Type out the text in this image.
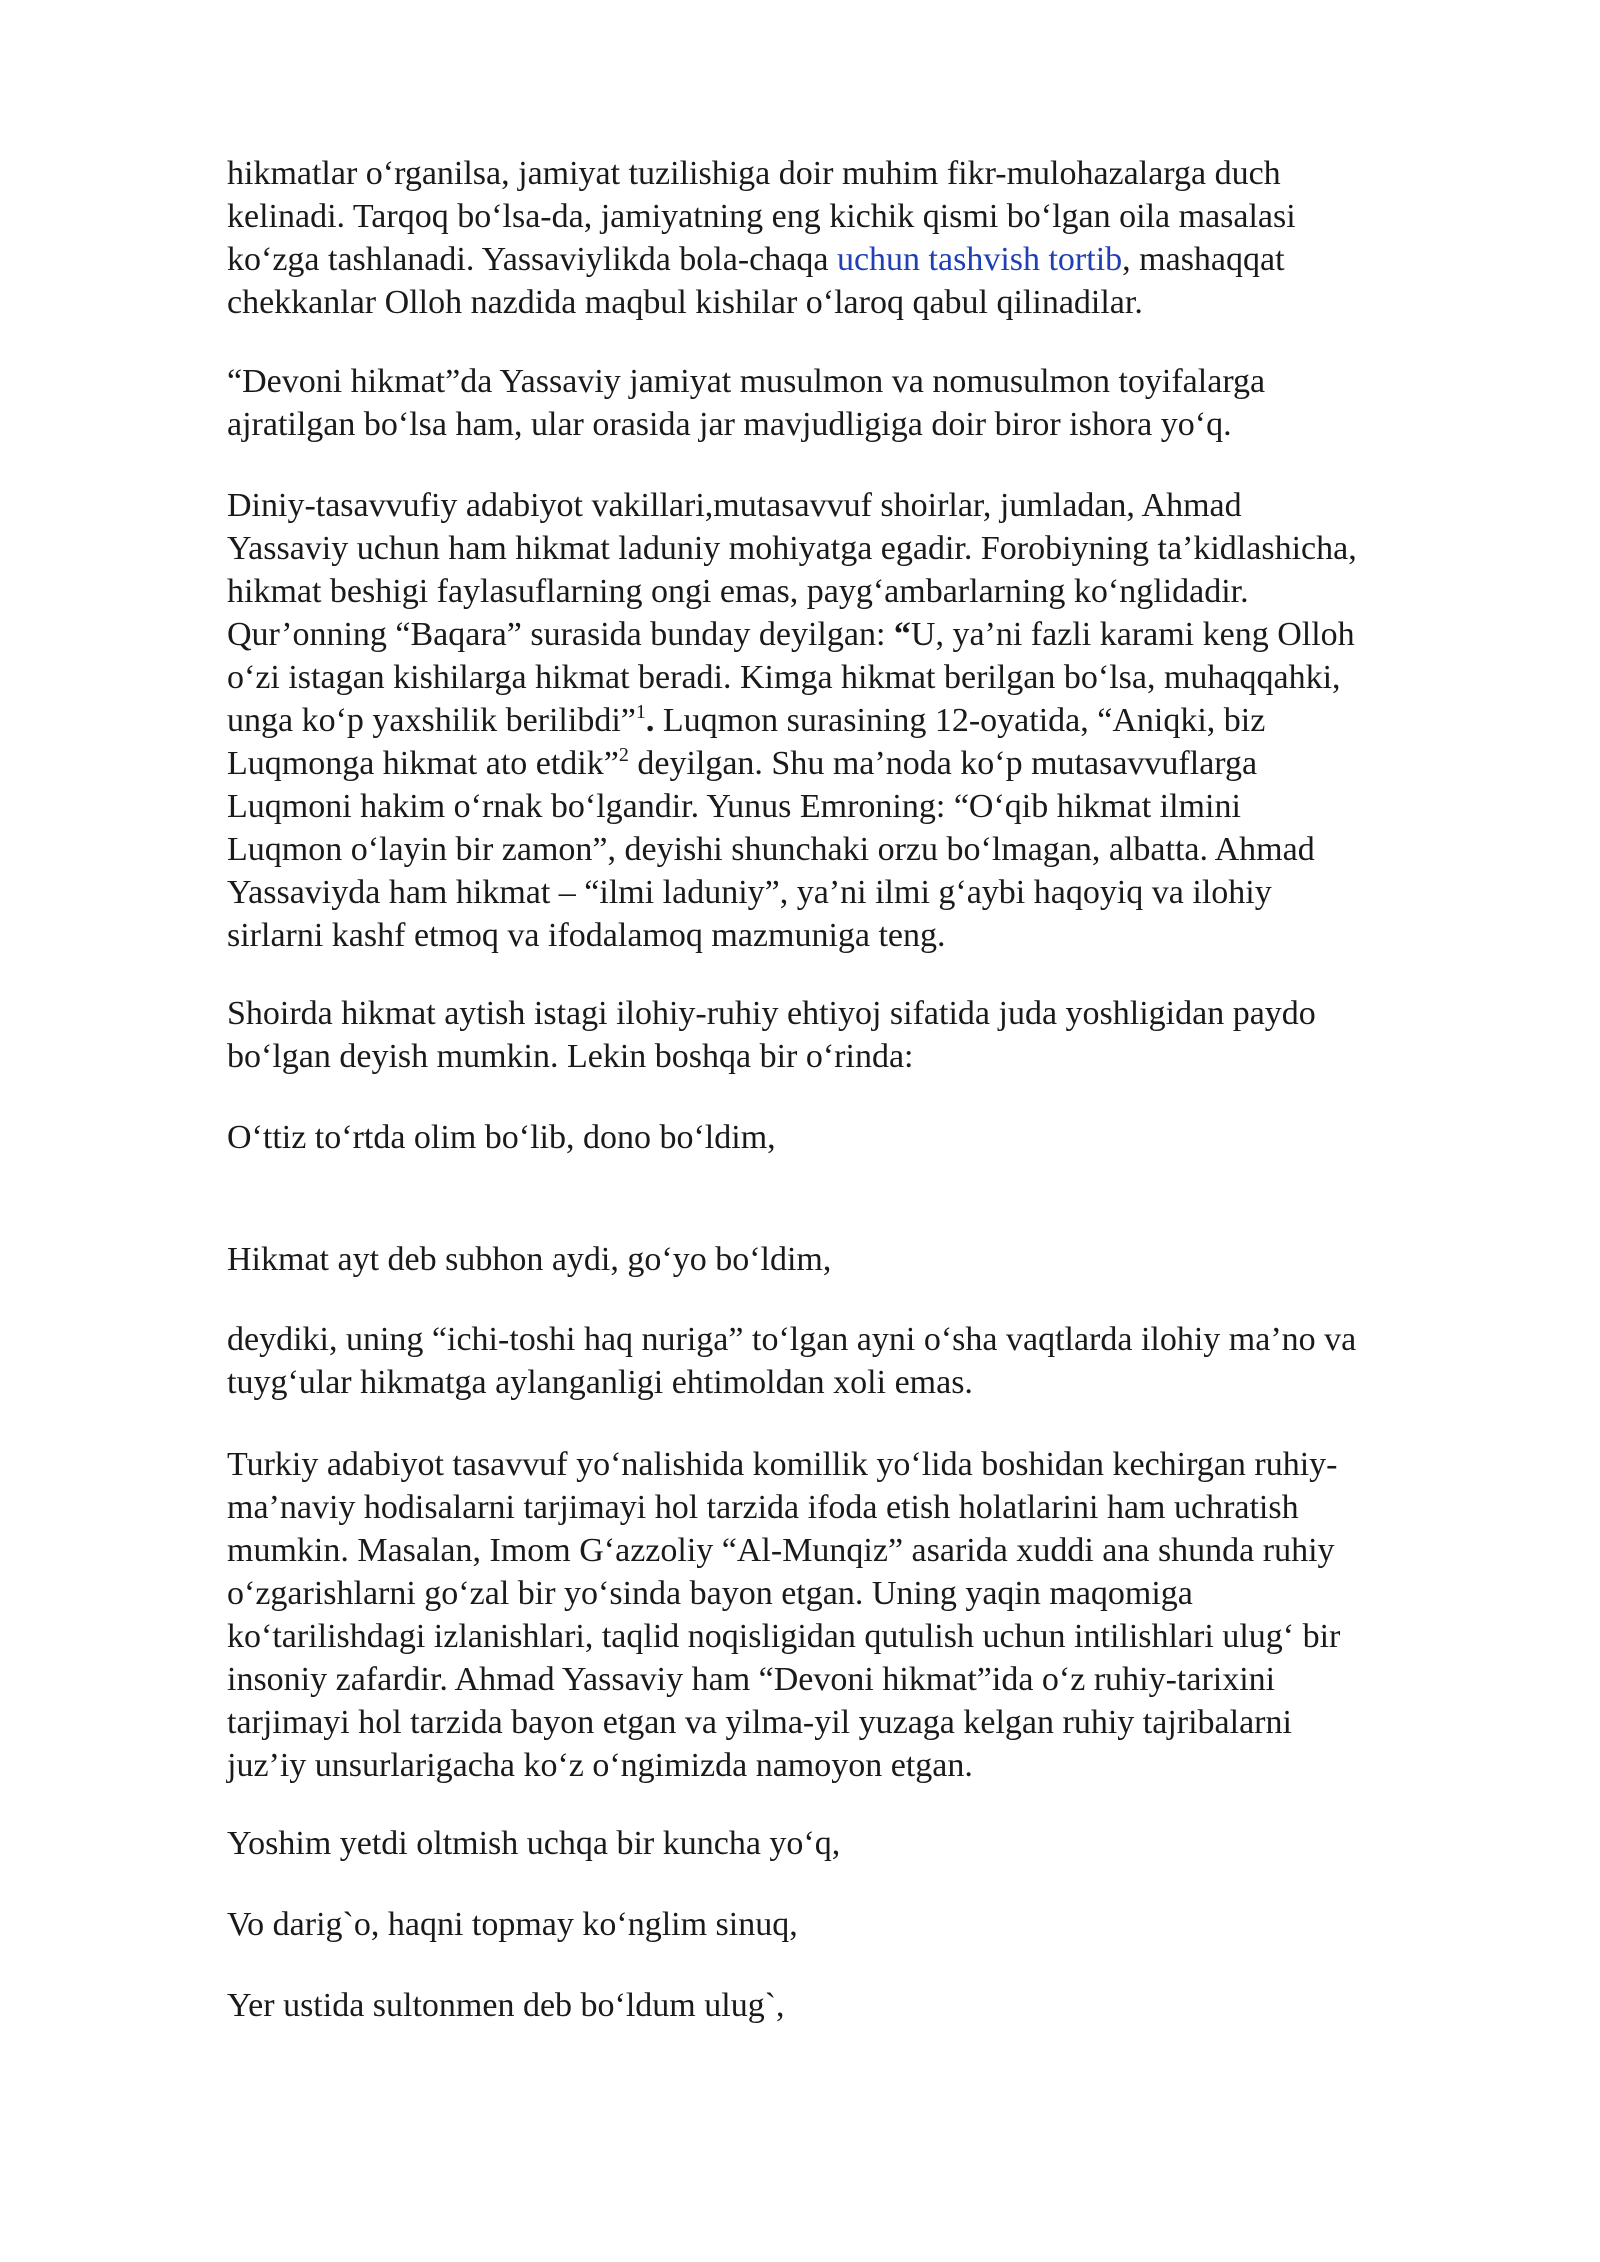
hikmatlar o‘rganilsa, jamiyat tuzilishiga doir muhim fikr-mulohazalarga duch
kelinadi. Tarqoq bo‘lsa-da, jamiyatning eng kichik qismi bo‘lgan oila masalasi
ko‘zga tashlanadi. Yassaviylikda bola-chaqa uchun tashvish tortib, mashaqqat
chekkanlar Olloh nazdida maqbul kishilar o‘laroq qabul qilinadilar.
“Devoni hikmat”da Yassaviy jamiyat musulmon va nomusulmon toyifalarga
ajratilgan bo‘lsa ham, ular orasida jar mavjudligiga doir biror ishora yo‘q.
Diniy-tasavvufiy adabiyot vakillari,mutasavvuf shoirlar, jumladan, Ahmad
Yassaviy uchun ham hikmat laduniy mohiyatga egadir. Forobiyning ta’kidlashicha,
hikmat beshigi faylasuflarning ongi emas, payg‘ambarlarning ko‘nglidadir.
Qur’onning “Baqara” surasida bunday deyilgan: “U, ya’ni fazli karami keng Olloh
o‘zi istagan kishilarga hikmat beradi. Kimga hikmat berilgan bo‘lsa, muhaqqahki,
unga ko‘p yaxshilik berilibdi”$^1$. Luqmon surasining 12-oyatida, “Aniqki, biz
Luqmonga hikmat ato etdik”$^2$ deyilgan. Shu ma’noda ko‘p mutasavvuflarga
Luqmoni hakim o‘rnak bo‘lgandir. Yunus Emroning: “O‘qib hikmat ilmini
Luqmon o‘layin bir zamon”, deyishi shunchaki orzu bo‘lmagan, albatta. Ahmad
Yassaviyda ham hikmat – “ilmi laduniy”, ya’ni ilmi g‘aybi haqoyiq va ilohiy
sirlarni kashf etmoq va ifodalamoq mazmuniga teng.
Shoirda hikmat aytish istagi ilohiy-ruhiy ehtiyoj sifatida juda yoshligidan paydo
bo‘lgan deyish mumkin. Lekin boshqa bir o‘rinda:
O‘ttiz to‘rtda olim bo‘lib, dono bo‘ldim,
Hikmat ayt deb subhon aydi, go‘yo bo‘ldim,
deydiki, uning “ichi-toshi haq nuriga” to‘lgan ayni o‘sha vaqtlarda ilohiy ma’no va
tuyg‘ular hikmatga aylanganligi ehtimoldan xoli emas.
Turkiy adabiyot tasavvuf yo‘nalishida komillik yo‘lida boshidan kechirgan ruhiy-
ma’naviy hodisalarni tarjimayi hol tarzida ifoda etish holatlarini ham uchratish
mumkin. Masalan, Imom G‘azzoliy “Al-Munqiz” asarida xuddi ana shunda ruhiy
o‘zgarishlarni go‘zal bir yo‘sinda bayon etgan. Uning yaqin maqomiga
ko‘tarilishdagi izlanishlari, taqlid noqisligidan qutulish uchun intilishlari ulug‘ bir
insoniy zafardir. Ahmad Yassaviy ham “Devoni hikmat”ida o‘z ruhiy-tarixini
tarjimayi hol tarzida bayon etgan va yilma-yil yuzaga kelgan ruhiy tajribalarni
juz’iy unsurlarigacha ko‘z o‘ngimizda namoyon etgan.
Yoshim yetdi oltmish uchqa bir kuncha yo‘q,
Vo darig`o, haqni topmay ko‘nglim sinuq,
Yer ustida sultonmen deb bo‘ldum ulug`,
